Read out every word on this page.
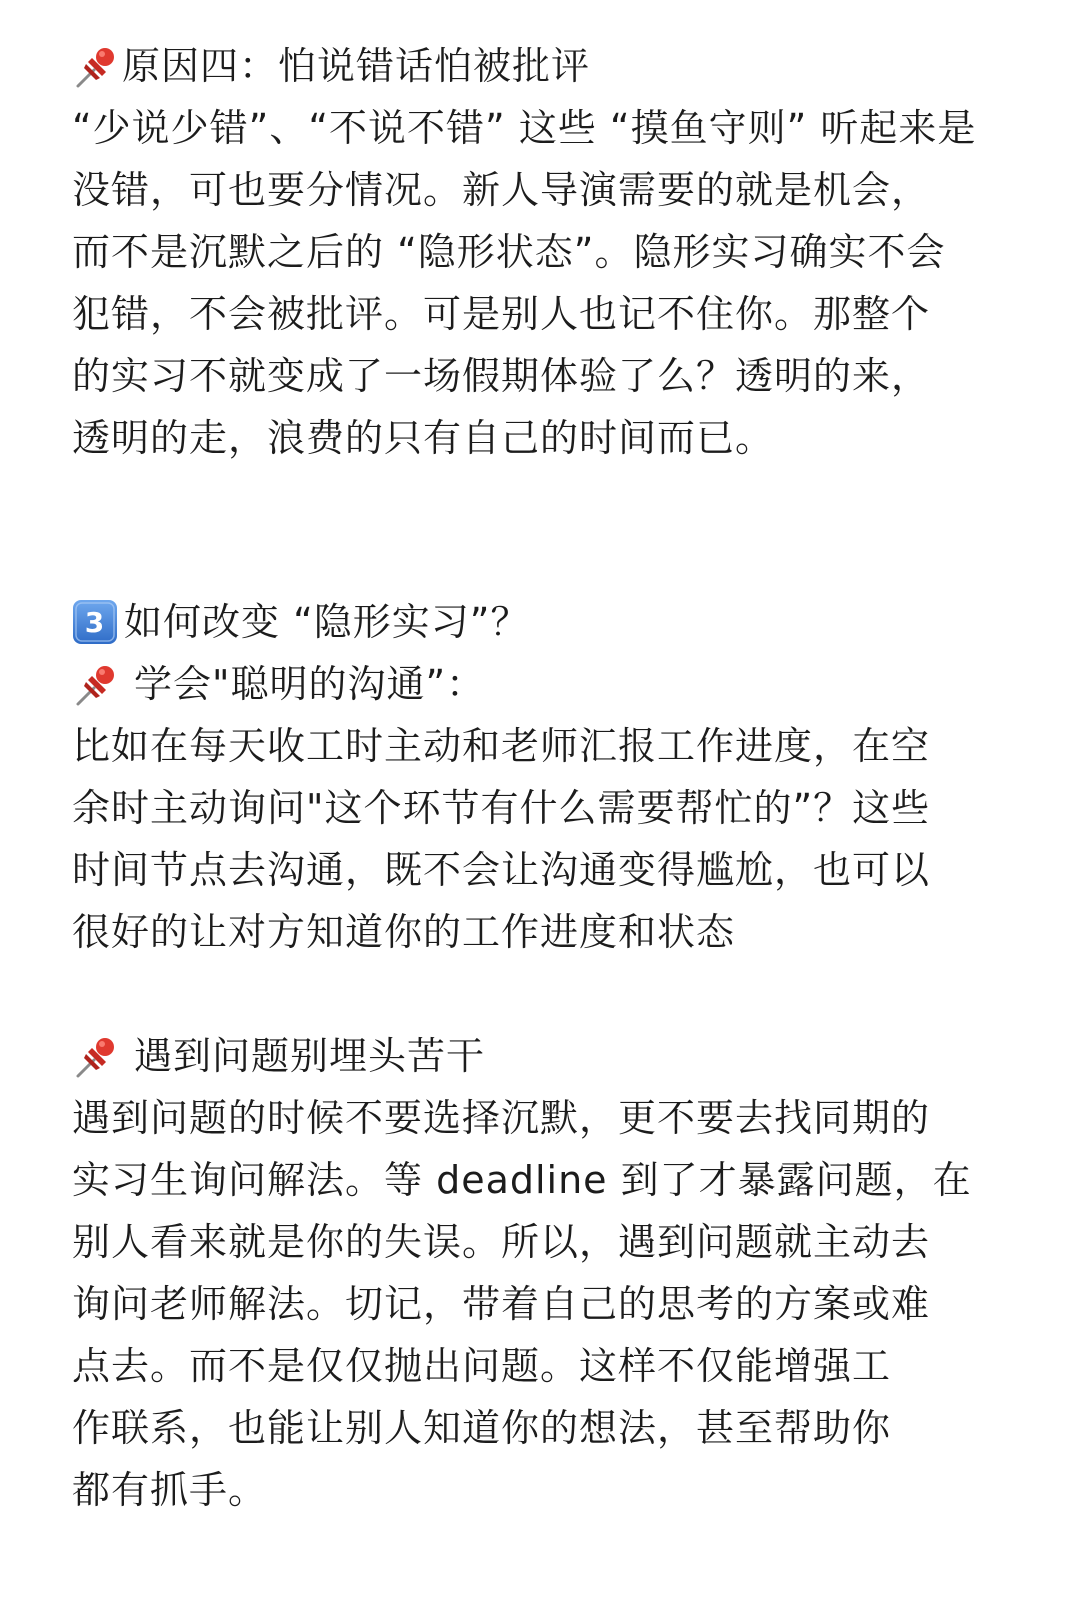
原因四：怕说错话怕被批评
“少说少错”、“不说不错” 这些 “摸鱼守则” 听起来是
没错，可也要分情况。新人导演需要的就是机会，
而不是沉默之后的 “隐形状态”。隐形实习确实不会
犯错，不会被批评。可是别人也记不住你。那整个
的实习不就变成了一场假期体验了么？透明的来，
透明的走，浪费的只有自己的时间而已。
3 如何改变 “隐形实习”？
学会"聪明的沟通”：
比如在每天收工时主动和老师汇报工作进度，在空
余时主动询问"这个环节有什么需要帮忙的”？这些
时间节点去沟通，既不会让沟通变得尴尬，也可以
很好的让对方知道你的工作进度和状态
遇到问题别埋头苦干
遇到问题的时候不要选择沉默，更不要去找同期的
实习生询问解法。等 deadline 到了才暴露问题，在
别人看来就是你的失误。所以，遇到问题就主动去
询问老师解法。切记，带着自己的思考的方案或难
点去。而不是仅仅抛出问题。这样不仅能增强工
作联系，也能让别人知道你的想法，甚至帮助你
都有抓手。
